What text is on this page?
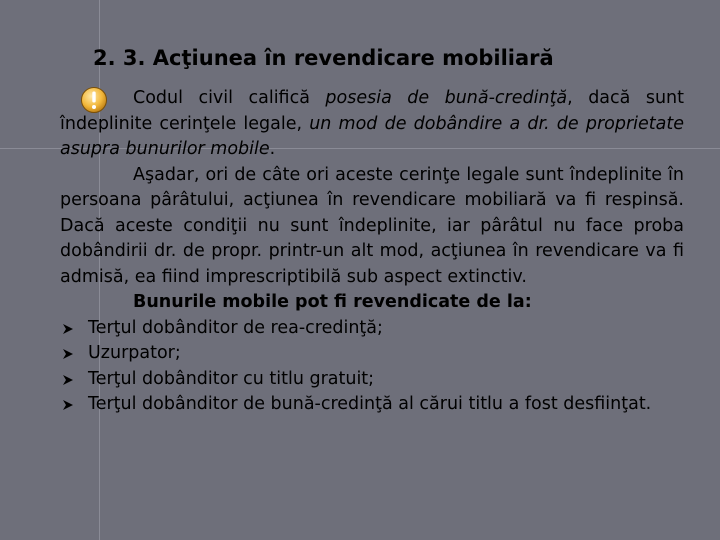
2. 3. Acţiunea în revendicare mobiliară

Codul civil califică posesia de bună-credinţă, dacă sunt îndeplinite cerinţele legale, un mod de dobândire a dr. de proprietate asupra bunurilor mobile.

Aşadar, ori de câte ori aceste cerinţe legale sunt îndeplinite în persoana pârâtului, acţiunea în revendicare mobiliară va fi respinsă. Dacă aceste condiţii nu sunt îndeplinite, iar pârâtul nu face proba dobândirii dr. de propr. printr-un alt mod, acţiunea în revendicare va fi admisă, ea fiind imprescriptibilă sub aspect extinctiv.

Bunurile mobile pot fi revendicate de la:

Terţul dobânditor de rea-credinţă;
Uzurpator;
Terţul dobânditor cu titlu gratuit;
Terţul dobânditor de bună-credinţă al cărui titlu a fost desfiinţat.
